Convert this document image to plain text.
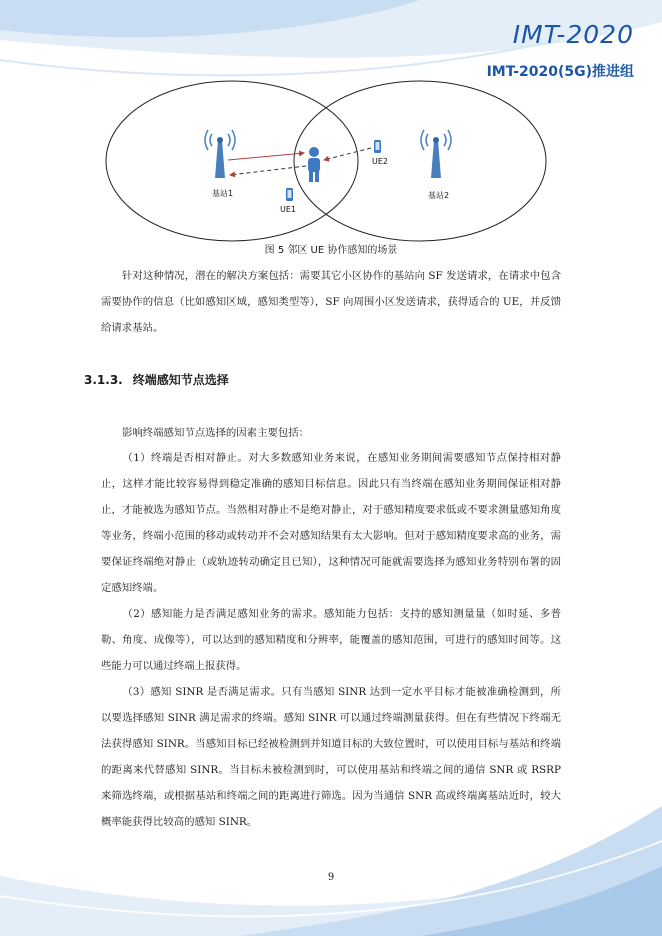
IMT-2020
IMT-2020(5G)推进组
基站1	基站2
UE1
UE2
图 5 邻区 UE 协作感知的场景
针对这种情况，潜在的解决方案包括：需要其它小区协作的基站向 SF 发送请求，在请求中包含需要协作的信息（比如感知区域，感知类型等），SF 向周围小区发送请求，获得适合的 UE，并反馈给请求基站。
3.1.3. 终端感知节点选择
影响终端感知节点选择的因素主要包括：
（1）终端是否相对静止。对大多数感知业务来说，在感知业务期间需要感知节点保持相对静止，这样才能比较容易得到稳定准确的感知目标信息。因此只有当终端在感知业务期间保证相对静止，才能被选为感知节点。当然相对静止不是绝对静止，对于感知精度要求低或不要求测量感知角度等业务，终端小范围的移动或转动并不会对感知结果有太大影响。但对于感知精度要求高的业务，需要保证终端绝对静止（或轨迹转动确定且已知），这种情况可能就需要选择为感知业务特别布署的固定感知终端。
（2）感知能力是否满足感知业务的需求。感知能力包括：支持的感知测量量（如时延、多普勒、角度、成像等），可以达到的感知精度和分辨率，能覆盖的感知范围，可进行的感知时间等。这些能力可以通过终端上报获得。
（3）感知 SINR 是否满足需求。只有当感知 SINR 达到一定水平目标才能被准确检测到，所以要选择感知 SINR 满足需求的终端。感知 SINR 可以通过终端测量获得。但在有些情况下终端无法获得感知 SINR。当感知目标已经被检测到并知道目标的大致位置时，可以使用目标与基站和终端的距离来代替感知 SINR。当目标未被检测到时，可以使用基站和终端之间的通信 SNR 或 RSRP 来筛选终端，或根据基站和终端之间的距离进行筛选。因为当通信 SNR 高或终端离基站近时，较大概率能获得比较高的感知 SINR。
9
